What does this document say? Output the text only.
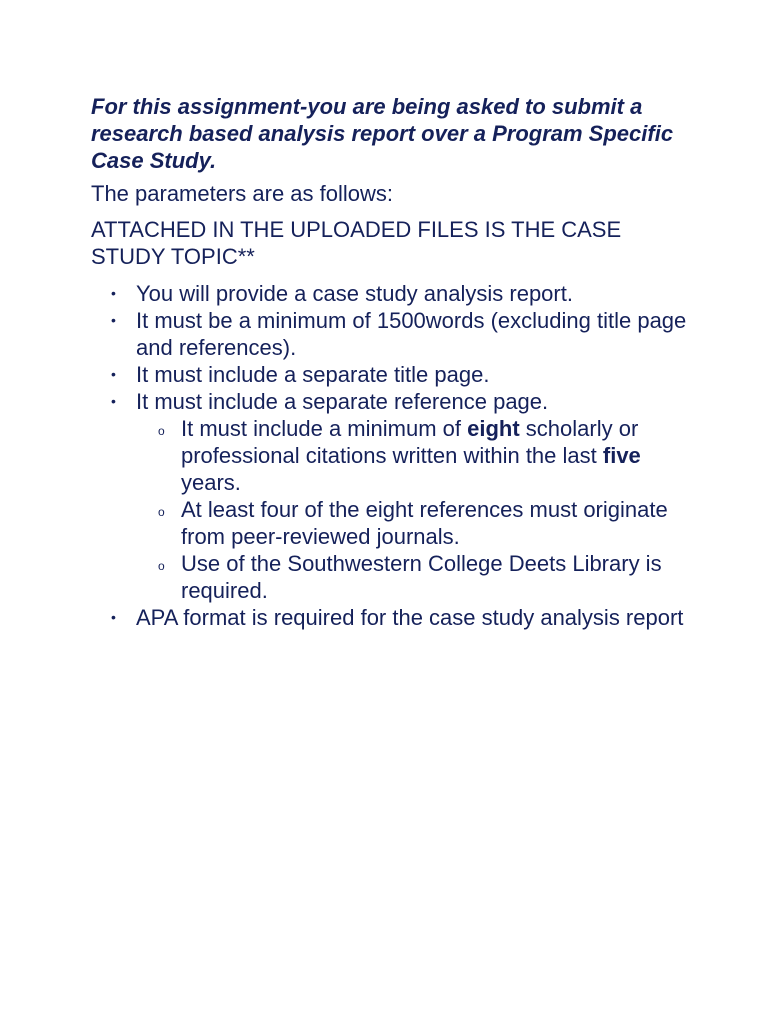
For this assignment-you are being asked to submit a research based analysis report over a Program Specific Case Study.

The parameters are as follows:

ATTACHED IN THE UPLOADED FILES IS THE CASE STUDY TOPIC**

• You will provide a case study analysis report.
• It must be a minimum of 1500words (excluding title page and references).
• It must include a separate title page.
• It must include a separate reference page.
o It must include a minimum of eight scholarly or professional citations written within the last five years.
o At least four of the eight references must originate from peer-reviewed journals.
o Use of the Southwestern College Deets Library is required.
• APA format is required for the case study analysis report
